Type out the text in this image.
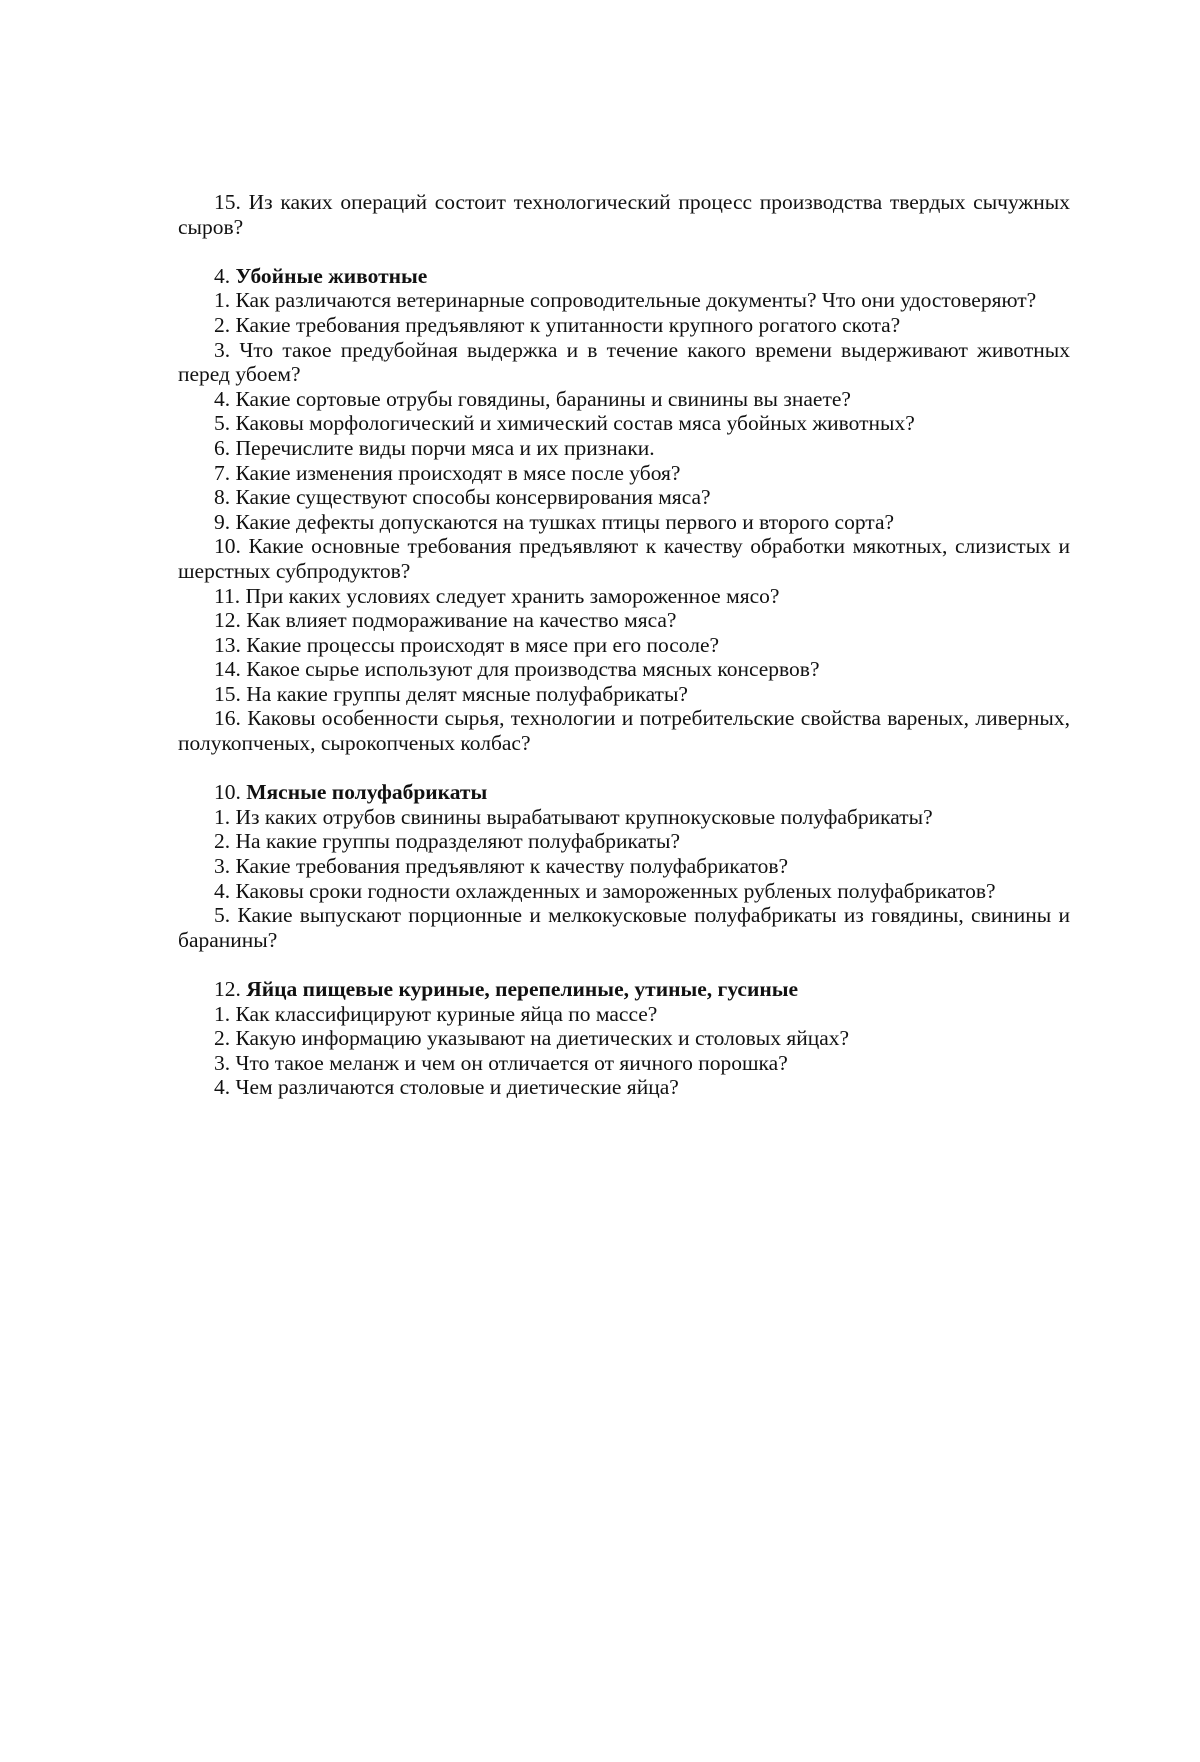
15. Из каких операций состоит технологический процесс производства твердых сычужных сыров?

4. Убойные животные

1. Как различаются ветеринарные сопроводительные документы? Что они удостоверяют?

2. Какие требования предъявляют к упитанности крупного рогатого скота?

3. Что такое предубойная выдержка и в течение какого времени выдерживают животных перед убоем?

4. Какие сортовые отрубы говядины, баранины и свинины вы знаете?

5. Каковы морфологический и химический состав мяса убойных животных?

6. Перечислите виды порчи мяса и их признаки.

7. Какие изменения происходят в мясе после убоя?

8. Какие существуют способы консервирования мяса?

9. Какие дефекты допускаются на тушках птицы первого и второго сорта?

10. Какие основные требования предъявляют к качеству обработки мякотных, слизистых и шерстных субпродуктов?

11. При каких условиях следует хранить замороженное мясо?

12. Как влияет подмораживание на качество мяса?

13. Какие процессы происходят в мясе при его посоле?

14. Какое сырье используют для производства мясных консервов?

15. На какие группы делят мясные полуфабрикаты?

16. Каковы особенности сырья, технологии и потребительские свойства вареных, ливерных, полукопченых, сырокопченых колбас?

10. Мясные полуфабрикаты

1. Из каких отрубов свинины вырабатывают крупнокусковые полуфабрикаты?

2. На какие группы подразделяют полуфабрикаты?

3. Какие требования предъявляют к качеству полуфабрикатов?

4. Каковы сроки годности охлажденных и замороженных рубленых полуфабрикатов?

5. Какие выпускают порционные и мелкокусковые полуфабрикаты из говядины, свинины и баранины?

12. Яйца пищевые куриные, перепелиные, утиные, гусиные

1. Как классифицируют куриные яйца по массе?

2. Какую информацию указывают на диетических и столовых яйцах?

3. Что такое меланж и чем он отличается от яичного порошка?

4. Чем различаются столовые и диетические яйца?
